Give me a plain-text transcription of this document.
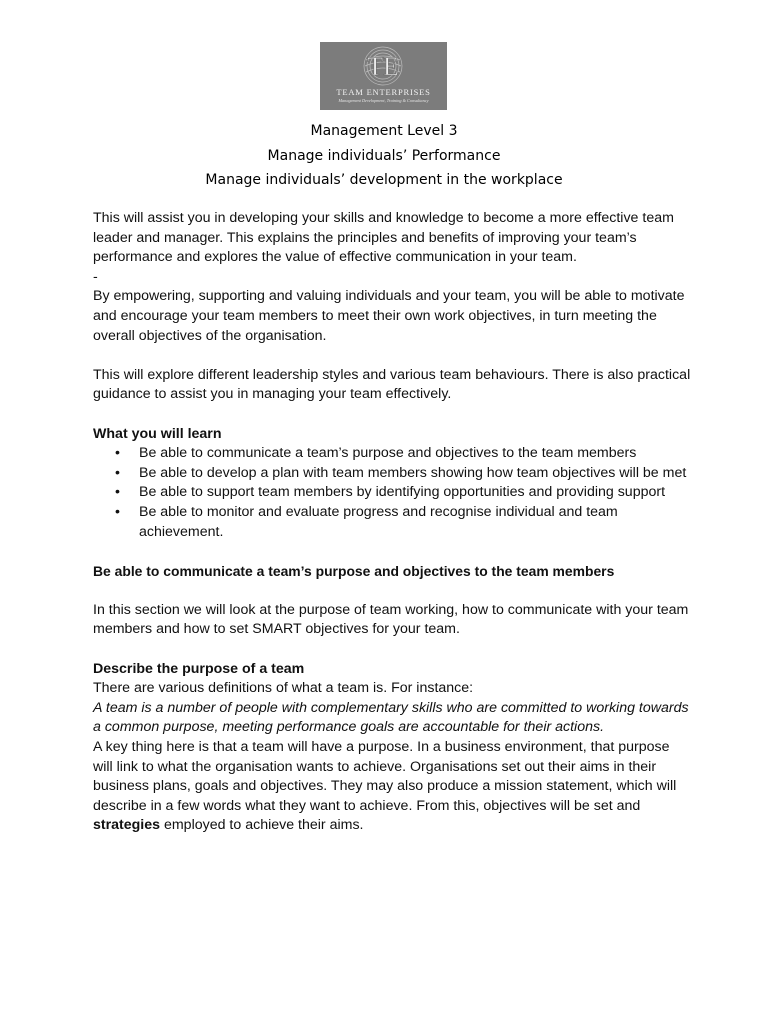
TE
TEAM ENTERPRISES
Management Development, Training & Consultancy
Management Level 3
Manage individuals’ Performance
Manage individuals’ development in the workplace

This will assist you in developing your skills and knowledge to become a more effective team leader and manager. This explains the principles and benefits of improving your team’s performance and explores the value of effective communication in your team.

-

By empowering, supporting and valuing individuals and your team, you will be able to motivate and encourage your team members to meet their own work objectives, in turn meeting the overall objectives of the organisation.

This will explore different leadership styles and various team behaviours. There is also practical guidance to assist you in managing your team effectively.

What you will learn

• Be able to communicate a team’s purpose and objectives to the team members
• Be able to develop a plan with team members showing how team objectives will be met
• Be able to support team members by identifying opportunities and providing support
• Be able to monitor and evaluate progress and recognise individual and team achievement.

Be able to communicate a team’s purpose and objectives to the team members

In this section we will look at the purpose of team working, how to communicate with your team members and how to set SMART objectives for your team.

Describe the purpose of a team

There are various definitions of what a team is. For instance:

A team is a number of people with complementary skills who are committed to working towards a common purpose, meeting performance goals are accountable for their actions.

A key thing here is that a team will have a purpose. In a business environment, that purpose will link to what the organisation wants to achieve. Organisations set out their aims in their business plans, goals and objectives. They may also produce a mission statement, which will describe in a few words what they want to achieve. From this, objectives will be set and strategies employed to achieve their aims.
